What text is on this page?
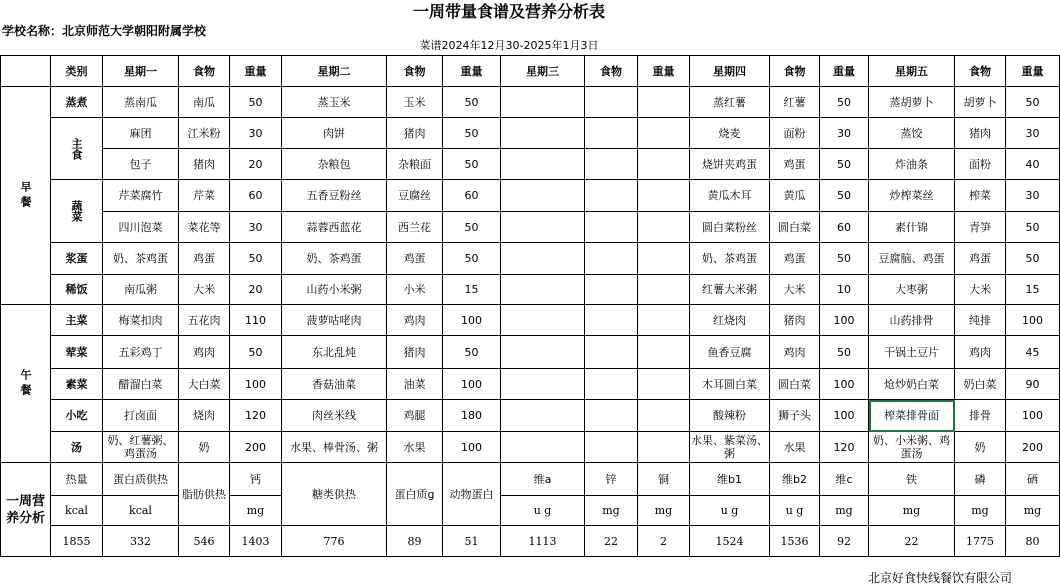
一周带量食谱及营养分析表
学校名称：北京师范大学朝阳附属学校
菜谱2024年12月30-2025年1月3日
	类别	星期一	食物	重量	星期二	食物	重量	星期三	食物	重量	星期四	食物	重量	星期五	食物	重量
早餐	蒸煮	蒸南瓜	南瓜	50	蒸玉米	玉米	50				蒸红薯	红薯	50	蒸胡萝卜	胡萝卜	50
	主食	麻团	江米粉	30	肉饼	猪肉	50				烧麦	面粉	30	蒸饺	猪肉	30
		包子	猪肉	20	杂粮包	杂粮面	50				烧饼夹鸡蛋	鸡蛋	50	炸油条	面粉	40
	蔬菜	芹菜腐竹	芹菜	60	五香豆粉丝	豆腐丝	60				黄瓜木耳	黄瓜	50	炒榨菜丝	榨菜	30
		四川泡菜	菜花等	30	蒜蓉西蓝花	西兰花	50				圆白菜粉丝	圆白菜	60	素什锦	青笋	50
	浆蛋	奶、茶鸡蛋	鸡蛋	50	奶、茶鸡蛋	鸡蛋	50				奶、茶鸡蛋	鸡蛋	50	豆腐脑、鸡蛋	鸡蛋	50
	稀饭	南瓜粥	大米	20	山药小米粥	小米	15				红薯大米粥	大米	10	大枣粥	大米	15
午餐	主菜	梅菜扣肉	五花肉	110	菠萝咕咾肉	鸡肉	100				红烧肉	猪肉	100	山药排骨	纯排	100
	荤菜	五彩鸡丁	鸡肉	50	东北乱炖	猪肉	50				鱼香豆腐	鸡肉	50	干锅土豆片	鸡肉	45
	素菜	醋溜白菜	大白菜	100	香菇油菜	油菜	100				木耳圆白菜	圆白菜	100	炝炒奶白菜	奶白菜	90
	小吃	打卤面	烧肉	120	肉丝米线	鸡腿	180				酸辣粉	狮子头	100	榨菜排骨面	排骨	100
	汤	奶、红薯粥、鸡蛋汤	奶	200	水果、棒骨汤、粥	水果	100				水果、紫菜汤、粥	水果	120	奶、小米粥、鸡蛋汤	奶	200
一周营养分析	热量	蛋白质供热	脂肪供热	钙	糖类供热	蛋白质g	动物蛋白	维a	锌	铜	维b1	维b2	维c	铁	磷	硒
	kcal	kcal		mg				u g	mg	mg	u g	u g	mg	mg	mg	mg
	1855	332	546	1403	776	89	51	1113	22	2	1524	1536	92	22	1775	80
北京好食快线餐饮有限公司
